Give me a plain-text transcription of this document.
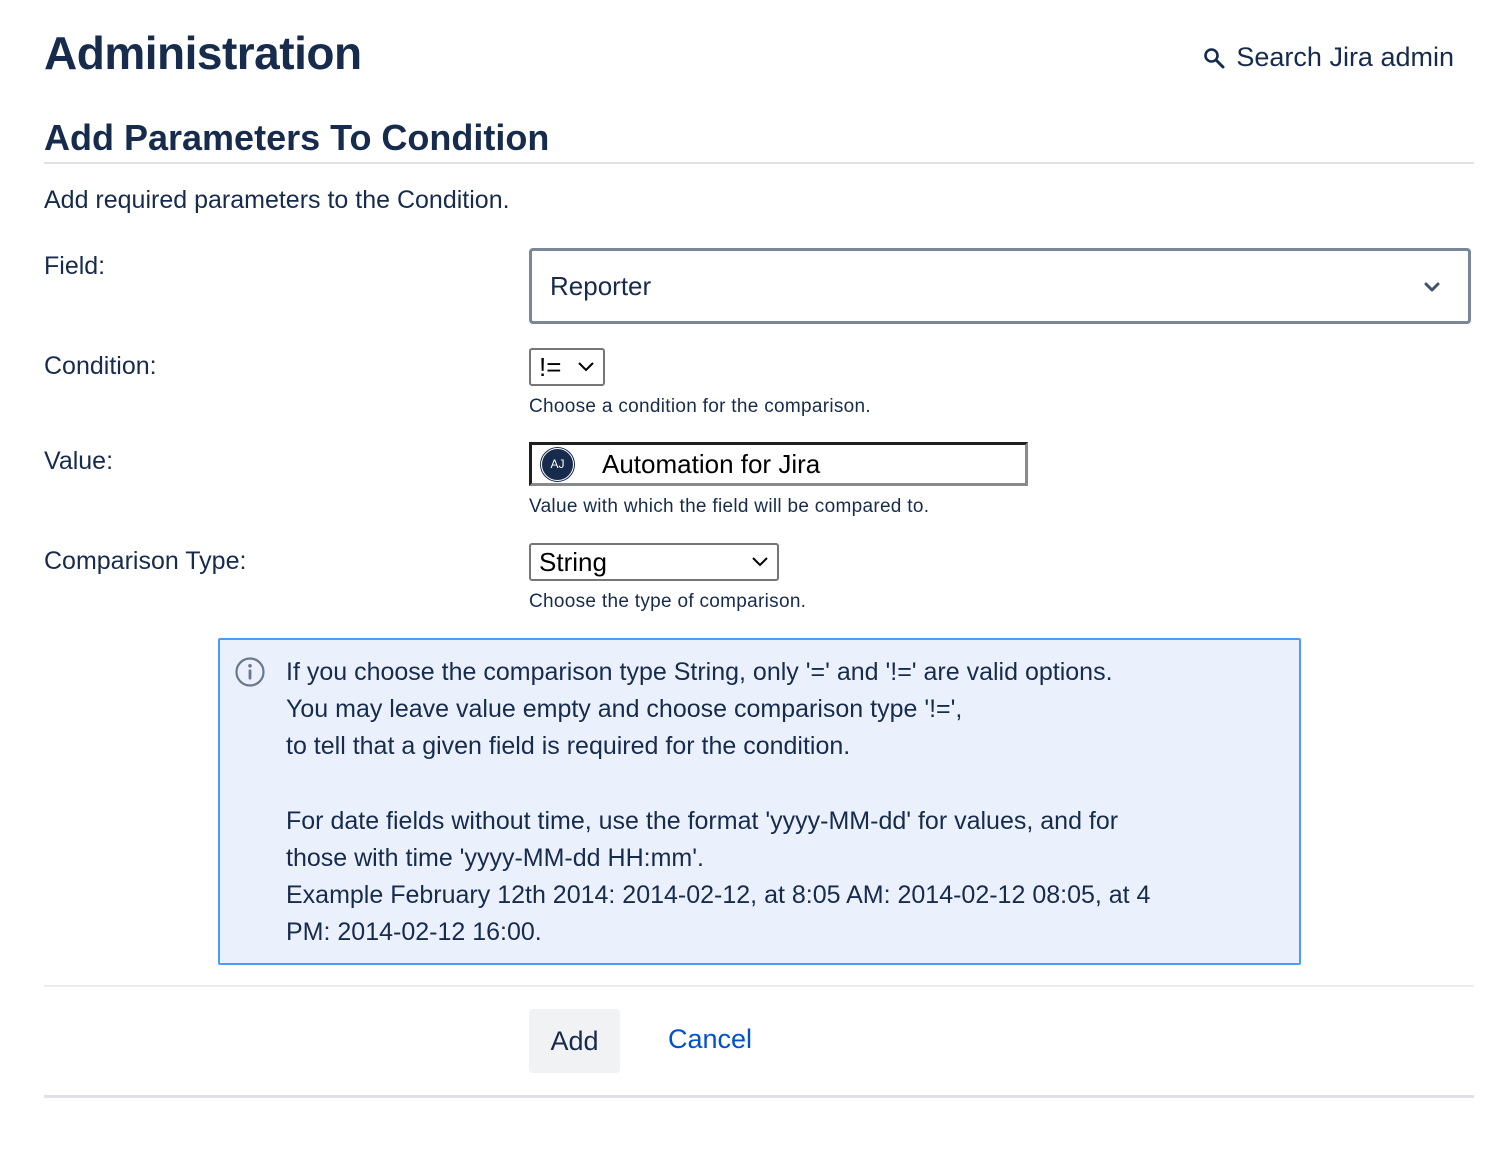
Administration	Search Jira admin
Add Parameters To Condition
Add required parameters to the Condition.
Field:
Reporter
Condition:	!=
Choose a condition for the comparison.
Value:	AJ Automation for Jira
Value with which the field will be compared to.
Comparison Type:	String
Choose the type of comparison.

If you choose the comparison type String, only '=' and '!=' are valid options.

You may leave value empty and choose comparison type '!=',

to tell that a given field is required for the condition.

For date fields without time, use the format 'yyyy-MM-dd' for values, and for

those with time 'yyyy-MM-dd HH:mm'.

Example February 12th 2014: 2014-02-12, at 8:05 AM: 2014-02-12 08:05, at 4

PM: 2014-02-12 16:00.

Add	Cancel
